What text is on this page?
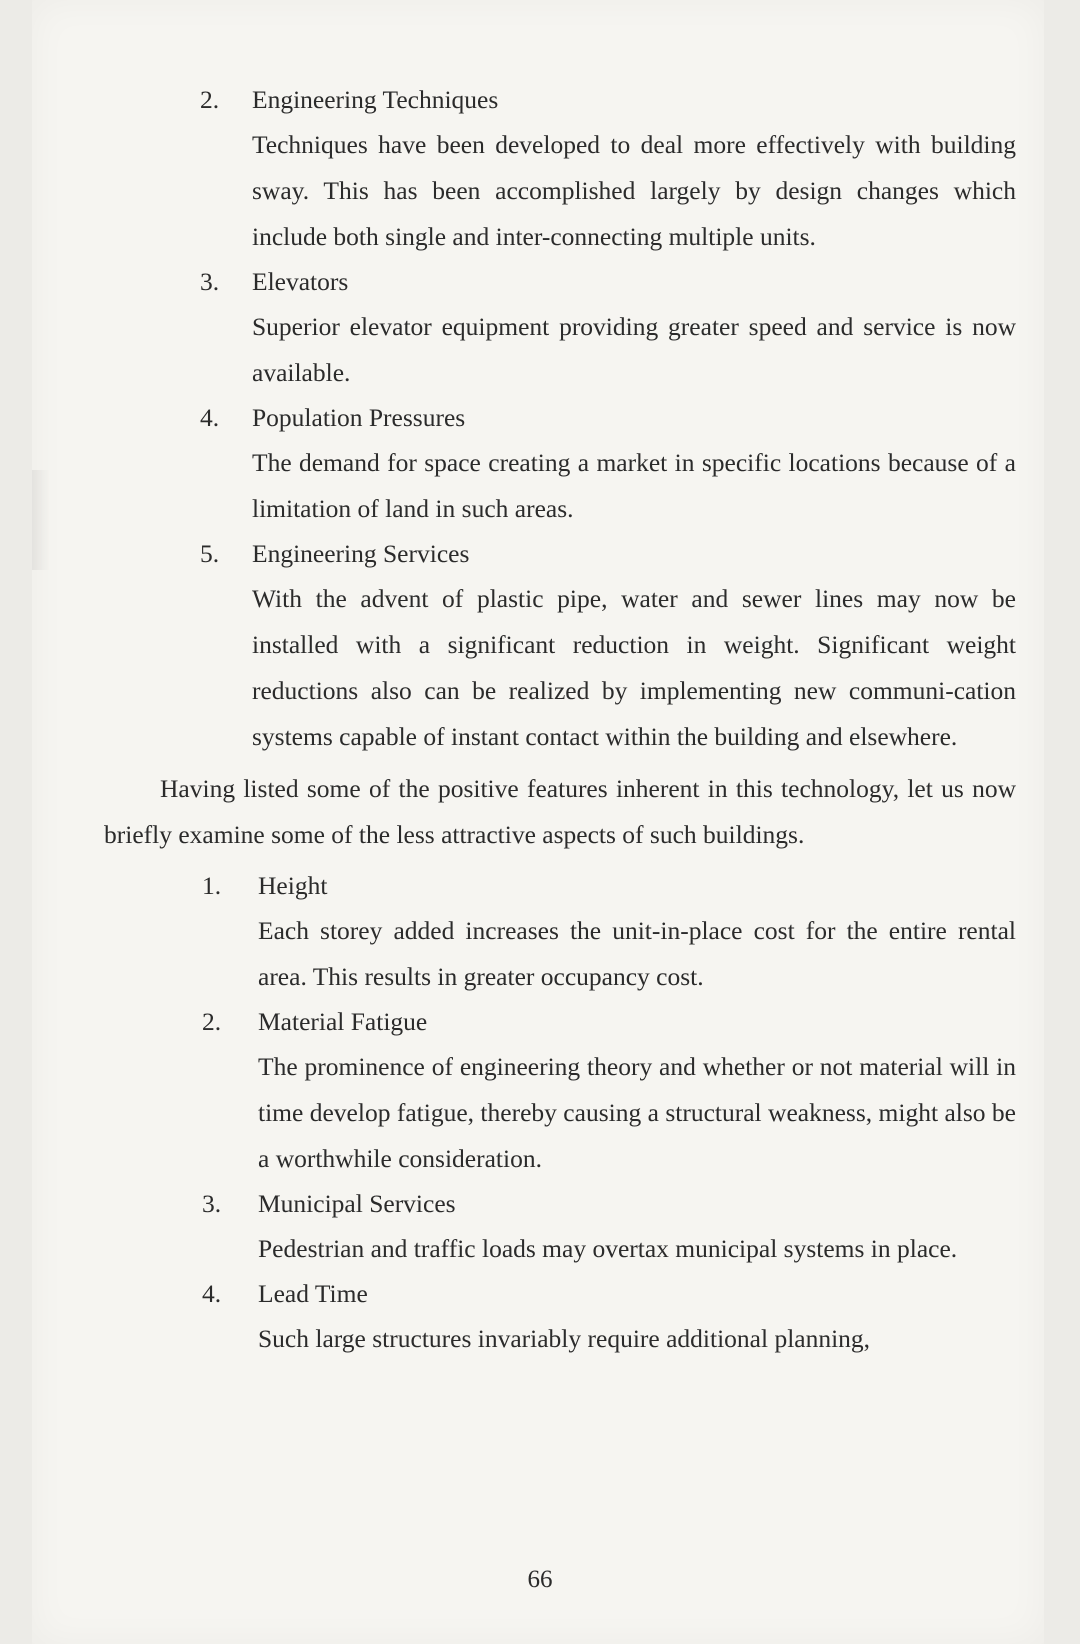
2.	Engineering Techniques

Techniques have been developed to deal more effectively with building sway. This has been accomplished largely by design changes which include both single and inter-connecting multiple units.

3.	Elevators

Superior elevator equipment providing greater speed and service is now available.

4.	Population Pressures

The demand for space creating a market in specific locations because of a limitation of land in such areas.

5.	Engineering Services

With the advent of plastic pipe, water and sewer lines may now be installed with a significant reduction in weight. Significant weight reductions also can be realized by implementing new communi-cation systems capable of instant contact within the building and elsewhere.

Having listed some of the positive features inherent in this technology, let us now briefly examine some of the less attractive aspects of such buildings.

1.	Height

Each storey added increases the unit-in-place cost for the entire rental area. This results in greater occupancy cost.

2.	Material Fatigue

The prominence of engineering theory and whether or not material will in time develop fatigue, thereby causing a structural weakness, might also be a worthwhile consideration.

3.	Municipal Services

Pedestrian and traffic loads may overtax municipal systems in place.

4.	Lead Time

Such large structures invariably require additional planning,

66
